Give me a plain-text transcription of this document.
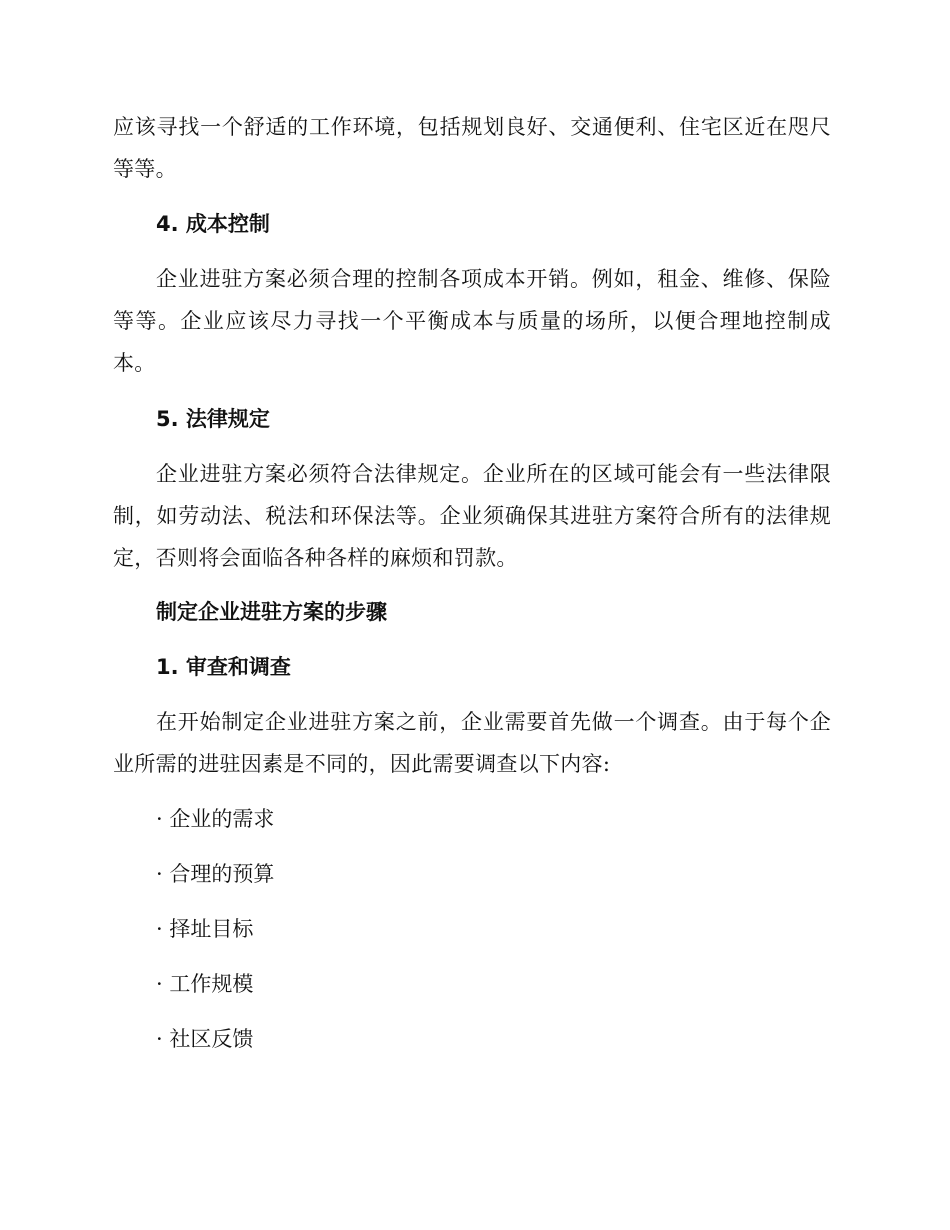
应该寻找一个舒适的工作环境，包括规划良好、交通便利、住宅区近在咫尺等等。

4. 成本控制

企业进驻方案必须合理的控制各项成本开销。例如，租金、维修、保险等等。企业应该尽力寻找一个平衡成本与质量的场所，以便合理地控制成本。

5. 法律规定

企业进驻方案必须符合法律规定。企业所在的区域可能会有一些法律限制，如劳动法、税法和环保法等。企业须确保其进驻方案符合所有的法律规定，否则将会面临各种各样的麻烦和罚款。

制定企业进驻方案的步骤
1. 审查和调查

在开始制定企业进驻方案之前，企业需要首先做一个调查。由于每个企业所需的进驻因素是不同的，因此需要调查以下内容:

· 企业的需求

· 合理的预算

· 择址目标

· 工作规模

· 社区反馈
